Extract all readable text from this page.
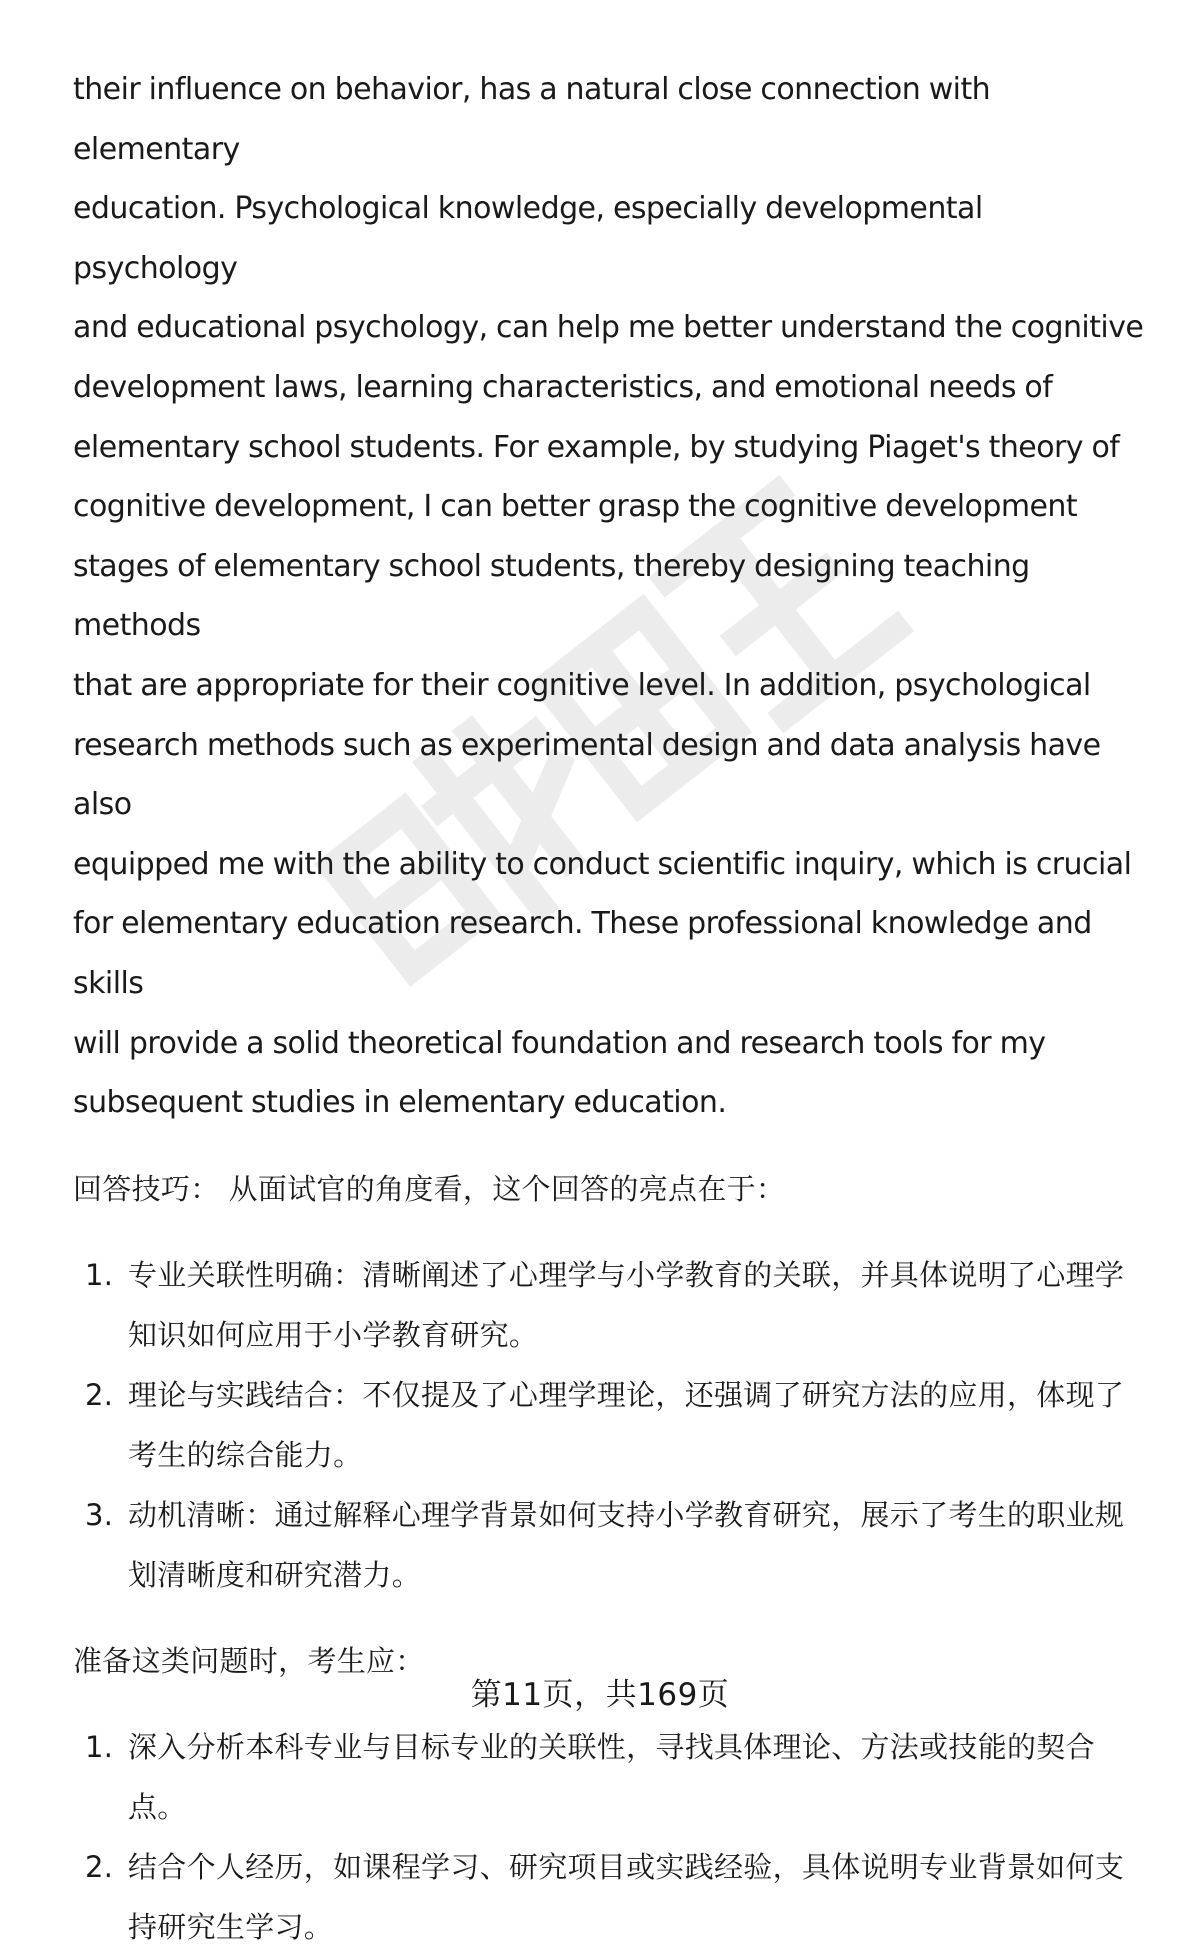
their influence on behavior, has a natural close connection with elementary
education. Psychological knowledge, especially developmental psychology
and educational psychology, can help me better understand the cognitive
development laws, learning characteristics, and emotional needs of
elementary school students. For example, by studying Piaget's theory of
cognitive development, I can better grasp the cognitive development
stages of elementary school students, thereby designing teaching methods
that are appropriate for their cognitive level. In addition, psychological
research methods such as experimental design and data analysis have also
equipped me with the ability to conduct scientific inquiry, which is crucial
for elementary education research. These professional knowledge and skills
will provide a solid theoretical foundation and research tools for my
subsequent studies in elementary education.
回答技巧： 从面试官的角度看，这个回答的亮点在于：
1. 专业关联性明确：清晰阐述了心理学与小学教育的关联，并具体说明了心理学
知识如何应用于小学教育研究。
2. 理论与实践结合：不仅提及了心理学理论，还强调了研究方法的应用，体现了
考生的综合能力。
3. 动机清晰：通过解释心理学背景如何支持小学教育研究，展示了考生的职业规
划清晰度和研究潜力。
准备这类问题时，考生应：
1. 深入分析本科专业与目标专业的关联性，寻找具体理论、方法或技能的契合
点。
2. 结合个人经历，如课程学习、研究项目或实践经验，具体说明专业背景如何支
持研究生学习。
第11页，共169页
